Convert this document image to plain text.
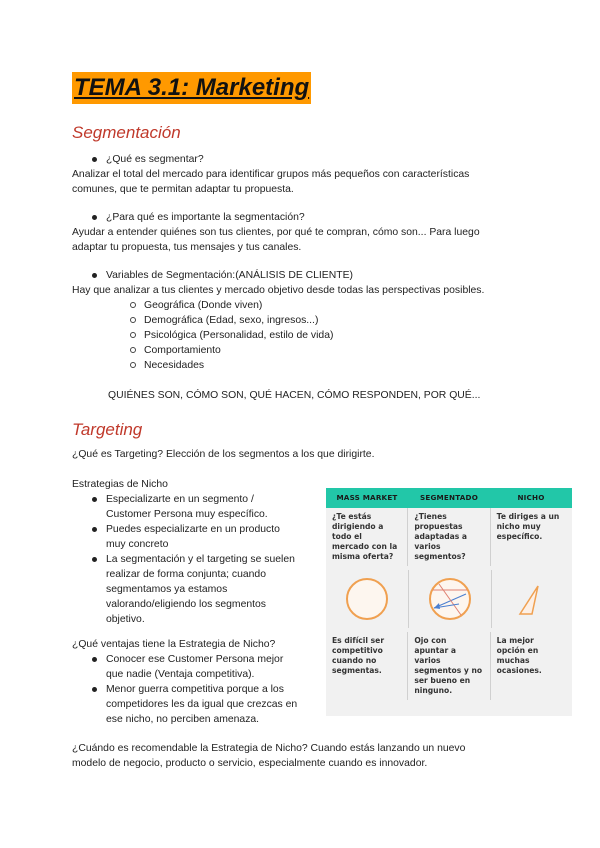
TEMA 3.1: Marketing
Segmentación

¿Qué es segmentar?

Analizar el total del mercado para identificar grupos más pequeños con características

comunes, que te permitan adaptar tu propuesta.

¿Para qué es importante la segmentación?

Ayudar a entender quiénes son tus clientes, por qué te compran, cómo son... Para luego

adaptar tu propuesta, tus mensajes y tus canales.

Variables de Segmentación:(ANÁLISIS DE CLIENTE)

Hay que analizar a tus clientes y mercado objetivo desde todas las perspectivas posibles.

Geográfica (Donde viven)

Demográfica (Edad, sexo, ingresos...)

Psicológica (Personalidad, estilo de vida)

Comportamiento

Necesidades

QUIÉNES SON, CÓMO SON, QUÉ HACEN, CÓMO RESPONDEN, POR QUÉ...

Targeting

¿Qué es Targeting? Elección de los segmentos a los que dirigirte.

Estrategias de Nicho

Especializarte en un segmento /

Customer Persona muy específico.

Puedes especializarte en un producto

muy concreto

La segmentación y el targeting se suelen

realizar de forma conjunta; cuando

segmentamos ya estamos

valorando/eligiendo los segmentos

objetivo.

¿Qué ventajas tiene la Estrategia de Nicho?

Conocer ese Customer Persona mejor

que nadie (Ventaja competitiva).

Menor guerra competitiva porque a los

competidores les da igual que crezcas en

ese nicho, no perciben amenaza.

¿Cuándo es recomendable la Estrategia de Nicho? Cuando estás lanzando un nuevo

modelo de negocio, producto o servicio, especialmente cuando es innovador.

MASS MARKET	SEGMENTADO	NICHO
¿Te estás
dirigiendo a
todo el
mercado con la
misma oferta?
¿Tienes
propuestas
adaptadas a
varios
segmentos?
Te diriges a un
nicho muy
específico.
Es difícil ser
competitivo
cuando no
segmentas.
Ojo con
apuntar a
varios
segmentos y no
ser bueno en
ninguno.
La mejor
opción en
muchas
ocasiones.
